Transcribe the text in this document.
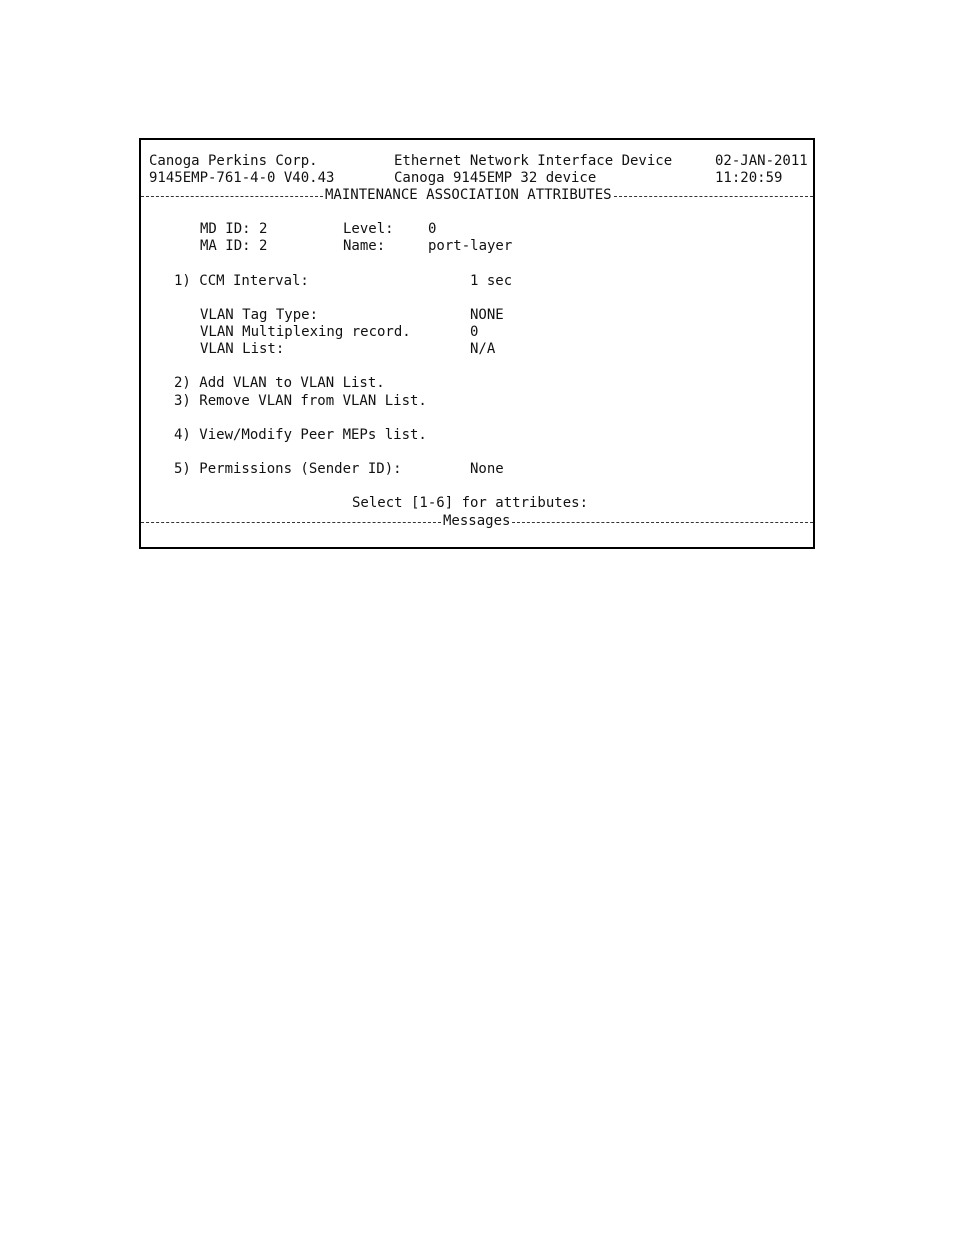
Canoga Perkins Corp.	Ethernet Network Interface Device	02-JAN-2011
9145EMP-761-4-0 V40.43	Canoga 9145EMP 32 device	11:20:59
MAINTENANCE ASSOCIATION ATTRIBUTES
MD ID: 2	Level: 0
MA ID: 2	Name:	port-layer
1) CCM Interval:	1 sec
VLAN Tag Type:	NONE
VLAN Multiplexing record.	0
VLAN List:	N/A
2) Add VLAN to VLAN List.
3) Remove VLAN from VLAN List.
4) View/Modify Peer MEPs list.
5) Permissions (Sender ID):	None
Select [1-6] for attributes:
Messages
